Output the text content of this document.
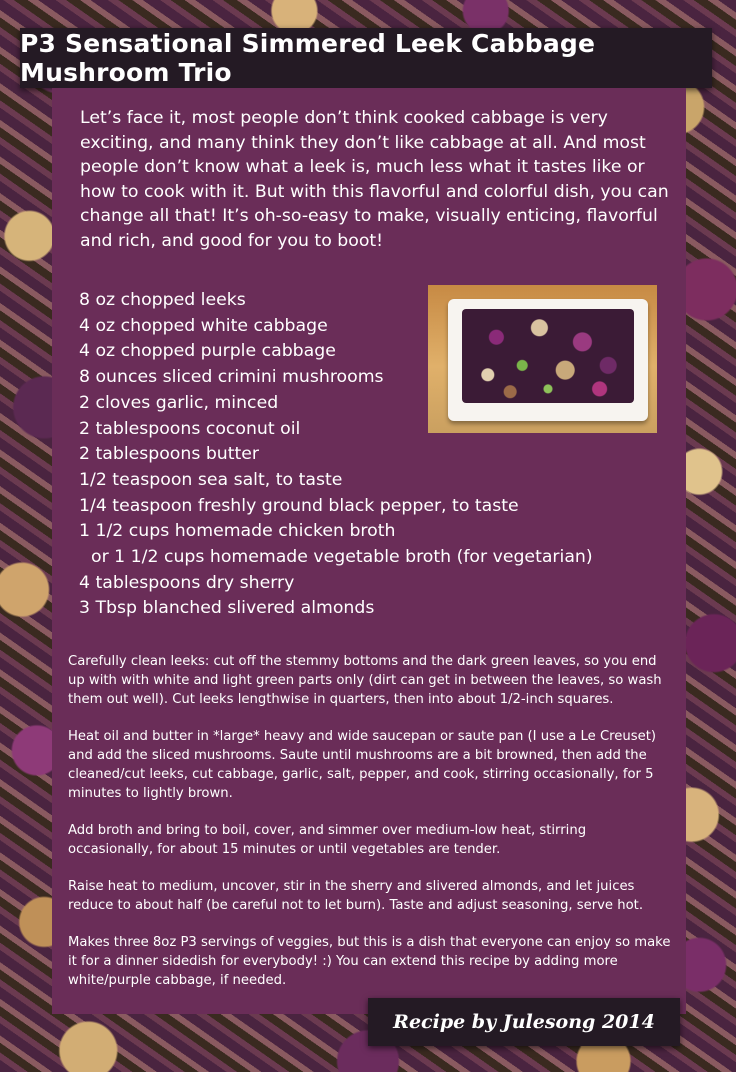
P3 Sensational Simmered Leek Cabbage Mushroom Trio

Let’s face it, most people don’t think cooked cabbage is very exciting, and many think they don’t like cabbage at all. And most people don’t know what a leek is, much less what it tastes like or how to cook with it. But with this flavorful and colorful dish, you can change all that! It’s oh-so-easy to make, visually enticing, flavorful and rich, and good for you to boot!

8 oz chopped leeks
4 oz chopped white cabbage
4 oz chopped purple cabbage
8 ounces sliced crimini mushrooms
2 cloves garlic, minced
2 tablespoons coconut oil
2 tablespoons butter
1/2 teaspoon sea salt, to taste
1/4 teaspoon freshly ground black pepper, to taste
1 1/2 cups homemade chicken broth
or 1 1/2 cups homemade vegetable broth (for vegetarian)
4 tablespoons dry sherry
3 Tbsp blanched slivered almonds

Carefully clean leeks: cut off the stemmy bottoms and the dark green leaves, so you end up with with white and light green parts only (dirt can get in between the leaves, so wash them out well). Cut leeks lengthwise in quarters, then into about 1/2-inch squares.

Heat oil and butter in *large* heavy and wide saucepan or saute pan (I use a Le Creuset) and add the sliced mushrooms. Saute until mushrooms are a bit browned, then add the cleaned/cut leeks, cut cabbage, garlic, salt, pepper, and cook, stirring occasionally, for 5 minutes to lightly brown.

Add broth and bring to boil, cover, and simmer over medium-low heat, stirring occasionally, for about 15 minutes or until vegetables are tender.

Raise heat to medium, uncover, stir in the sherry and slivered almonds, and let juices reduce to about half (be careful not to let burn). Taste and adjust seasoning, serve hot.

Makes three 8oz P3 servings of veggies, but this is a dish that everyone can enjoy so make it for a dinner sidedish for everybody! :) You can extend this recipe by adding more white/purple cabbage, if needed.

Recipe by Julesong 2014
